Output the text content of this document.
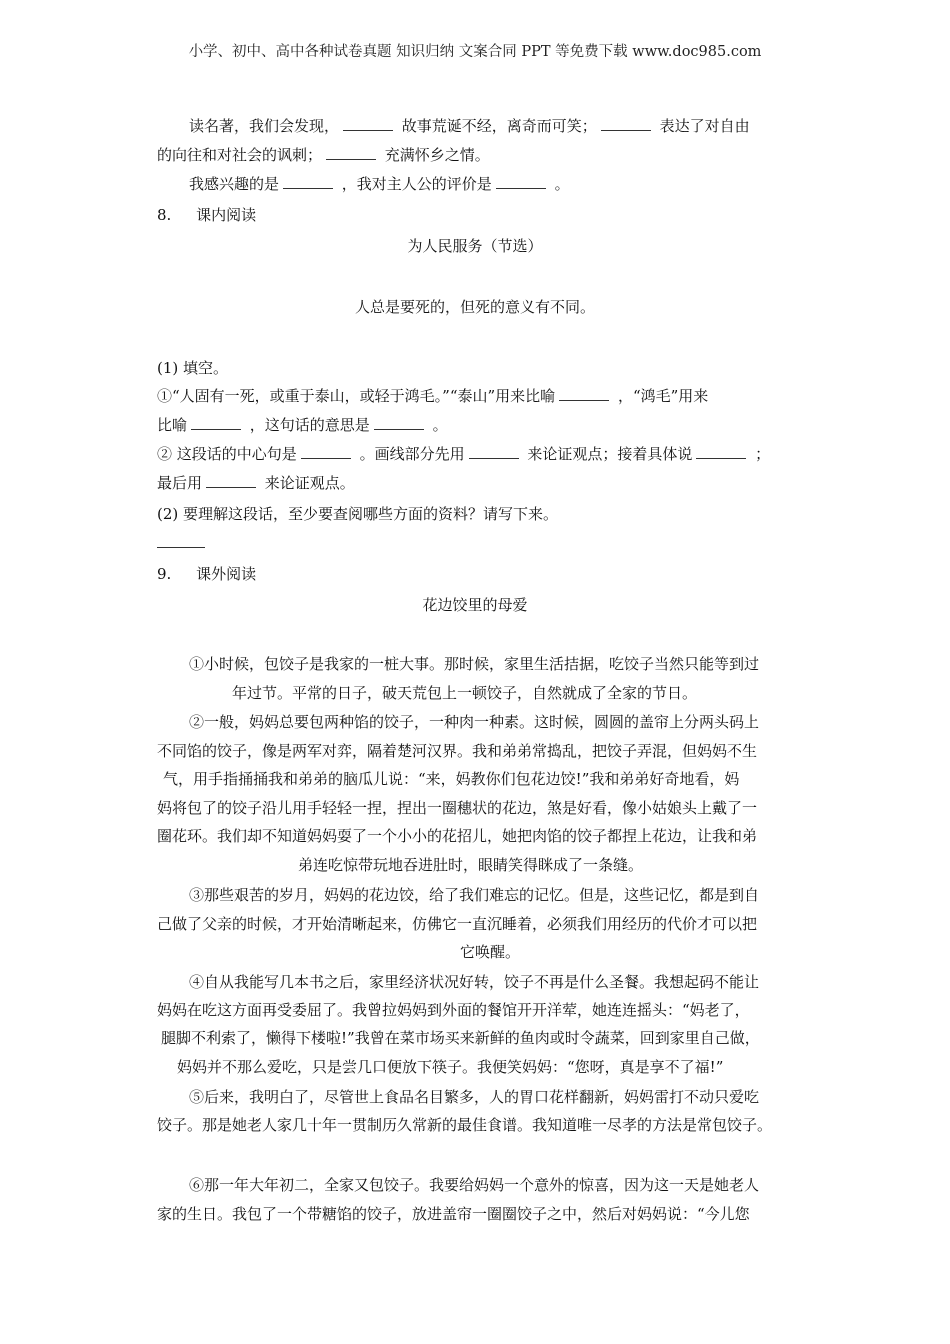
小学、初中、高中各种试卷真题 知识归纳 文案合同 PPT 等免费下载 www.doc985.com
读名著，我们会发现，	故事荒诞不经，离奇而可笑；	表达了对自由
的向往和对社会的讽刺；	充满怀乡之情。
我感兴趣的是	，我对主人公的评价是	。
8. 课内阅读
为人民服务（节选）
人总是要死的，但死的意义有不同。
(1) 填空。
①“人固有一死，或重于泰山，或轻于鸿毛。”“泰山”用来比喻	，“鸿毛”用来
比喻	，这句话的意思是	。
② 这段话的中心句是	。画线部分先用	来论证观点；接着具体说	；
最后用	来论证观点。
(2) 要理解这段话，至少要查阅哪些方面的资料？请写下来。
9. 课外阅读
花边饺里的母爱
①小时候，包饺子是我家的一桩大事。那时候，家里生活拮据，吃饺子当然只能等到过
年过节。平常的日子，破天荒包上一顿饺子，自然就成了全家的节日。
②一般，妈妈总要包两种馅的饺子，一种肉一种素。这时候，圆圆的盖帘上分两头码上
不同馅的饺子，像是两军对弈，隔着楚河汉界。我和弟弟常捣乱，把饺子弄混，但妈妈不生
气，用手指捅捅我和弟弟的脑瓜儿说：“来，妈教你们包花边饺!”我和弟弟好奇地看，妈
妈将包了的饺子沿儿用手轻轻一捏，捏出一圈穗状的花边，煞是好看，像小姑娘头上戴了一
圈花环。我们却不知道妈妈耍了一个小小的花招儿，她把肉馅的饺子都捏上花边，让我和弟
弟连吃惊带玩地吞进肚时，眼睛笑得眯成了一条缝。
③那些艰苦的岁月，妈妈的花边饺，给了我们难忘的记忆。但是，这些记忆，都是到自
己做了父亲的时候，才开始清晰起来，仿佛它一直沉睡着，必须我们用经历的代价才可以把
它唤醒。
④自从我能写几本书之后，家里经济状况好转，饺子不再是什么圣餐。我想起码不能让
妈妈在吃这方面再受委屈了。我曾拉妈妈到外面的餐馆开开洋荤，她连连摇头：“妈老了，
腿脚不利索了，懒得下楼啦!”我曾在菜市场买来新鲜的鱼肉或时令蔬菜，回到家里自己做，
妈妈并不那么爱吃，只是尝几口便放下筷子。我便笑妈妈：“您呀，真是享不了福!”
⑤后来，我明白了，尽管世上食品名目繁多，人的胃口花样翻新，妈妈雷打不动只爱吃
饺子。那是她老人家几十年一贯制历久常新的最佳食谱。我知道唯一尽孝的方法是常包饺子。
⑥那一年大年初二，全家又包饺子。我要给妈妈一个意外的惊喜，因为这一天是她老人
家的生日。我包了一个带糖馅的饺子，放进盖帘一圈圈饺子之中，然后对妈妈说：“今儿您
